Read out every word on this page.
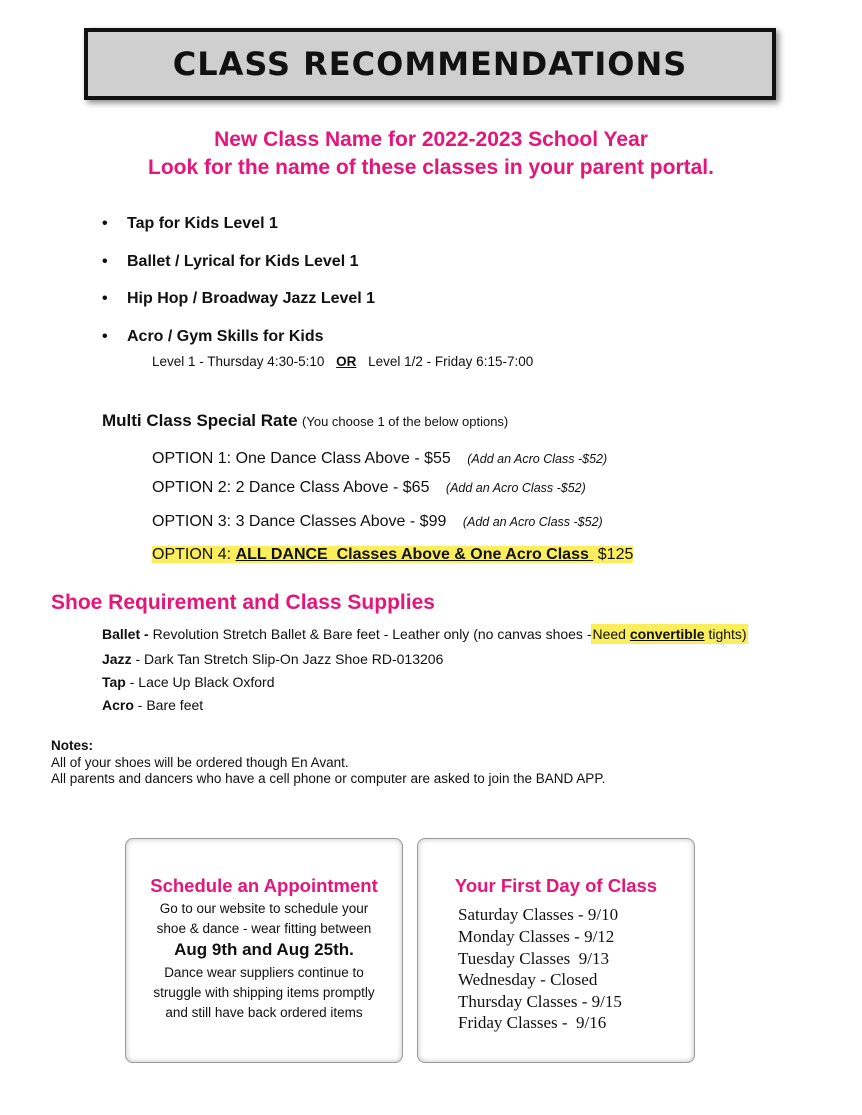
CLASS RECOMMENDATIONS
New Class Name for 2022-2023 School Year
Look for the name of these classes in your parent portal.
• Tap for Kids Level 1
• Ballet / Lyrical for Kids Level 1
• Hip Hop / Broadway Jazz Level 1
• Acro / Gym Skills for Kids
Level 1 - Thursday 4:30-5:10 OR Level 1/2 - Friday 6:15-7:00
Multi Class Special Rate (You choose 1 of the below options)
OPTION 1: One Dance Class Above - $55 (Add an Acro Class -$52)
OPTION 2: 2 Dance Class Above - $65 (Add an Acro Class -$52)
OPTION 3: 3 Dance Classes Above - $99 (Add an Acro Class -$52)
OPTION 4: ALL DANCE  Classes Above & One Acro Class  $125
Shoe Requirement and Class Supplies
Ballet - Revolution Stretch Ballet & Bare feet - Leather only (no canvas shoes -Need convertible tights)
Jazz - Dark Tan Stretch Slip-On Jazz Shoe RD-013206
Tap - Lace Up Black Oxford
Acro - Bare feet
Notes:
All of your shoes will be ordered though En Avant.
All parents and dancers who have a cell phone or computer are asked to join the BAND APP.
Schedule an Appointment
Go to our website to schedule your
shoe & dance - wear fitting between
Aug 9th and Aug 25th.
Dance wear suppliers continue to
struggle with shipping items promptly
and still have back ordered items
Your First Day of Class
Saturday Classes - 9/10
Monday Classes - 9/12
Tuesday Classes  9/13
Wednesday - Closed
Thursday Classes - 9/15
Friday Classes -  9/16
